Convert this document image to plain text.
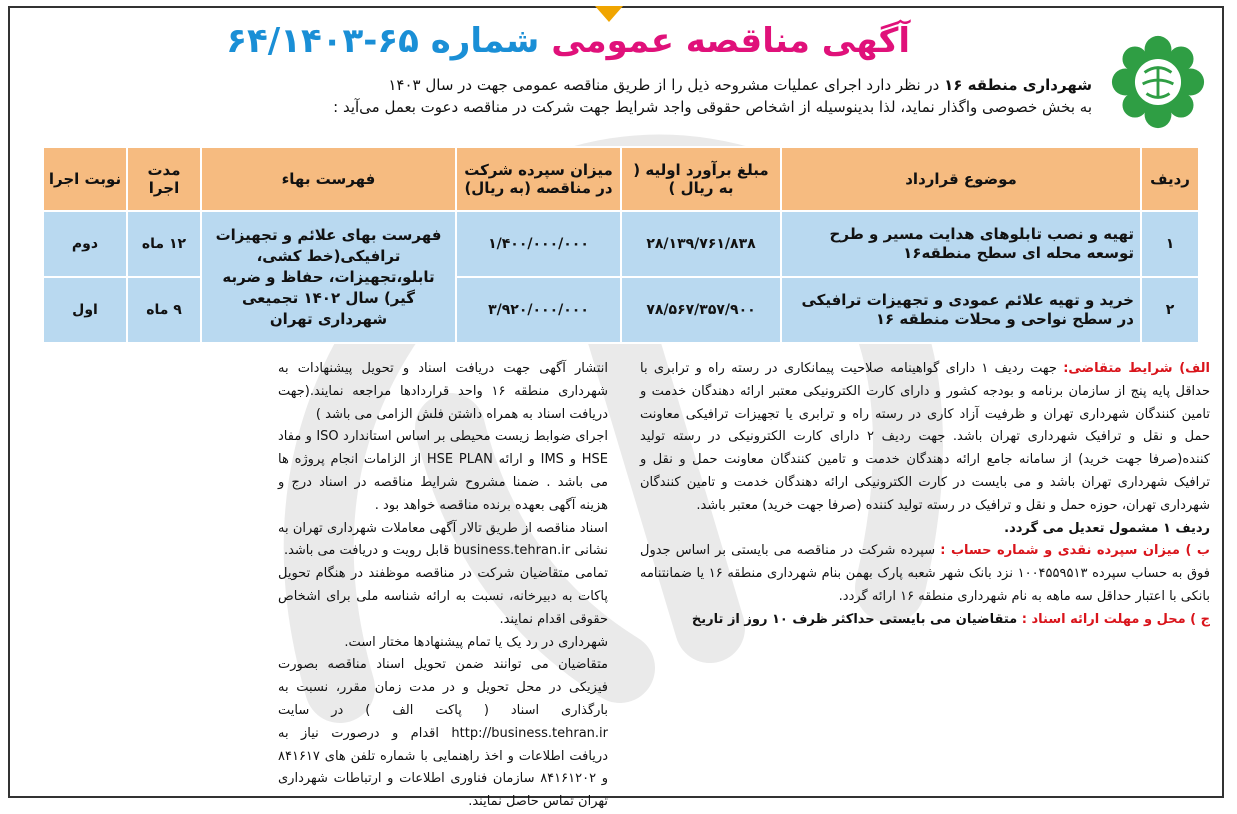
آگهی مناقصه عمومی شماره ۶۵-۶۴/۱۴۰۳

شهرداری منطقه ۱۶ در نظر دارد اجرای عملیات مشروحه ذیل را از طریق مناقصه عمومی جهت در سال ۱۴۰۳

به بخش خصوصی واگذار نماید، لذا بدینوسیله از اشخاص حقوقی واجد شرایط جهت شرکت در مناقصه دعوت بعمل می‌آید :

ردیف	موضوع قرارداد	مبلغ برآورد اولیه ( به ریال )	میزان سپرده شرکت در مناقصه (به ریال)	فهرست بهاء	مدت اجرا	نوبت اجرا
۱	تهیه و نصب تابلوهای هدایت مسیر و طرح توسعه محله ای سطح منطقه۱۶	۲۸/۱۳۹/۷۶۱/۸۳۸	۱/۴۰۰/۰۰۰/۰۰۰	فهرست بهای علائم و تجهیزات ترافیکی(خط کشی، تابلو،تجهیزات، حفاظ و ضربه گیر) سال ۱۴۰۲ تجمیعی شهرداری تهران	۱۲ ماه	دوم
۲	خرید و تهیه علائم عمودی و تجهیزات ترافیکی در سطح نواحی و محلات منطقه ۱۶	۷۸/۵۶۷/۳۵۷/۹۰۰	۳/۹۲۰/۰۰۰/۰۰۰		۹ ماه	اول

الف) شرایط متقاضی: جهت ردیف ۱ دارای گواهینامه صلاحیت پیمانکاری در رسته راه و ترابری با حداقل پایه پنج از سازمان برنامه و بودجه کشور و دارای کارت الکترونیکی معتبر ارائه دهندگان خدمت و تامین کنندگان شهرداری تهران و ظرفیت آزاد کاری در رسته راه و ترابری یا تجهیزات ترافیکی معاونت حمل و نقل و ترافیک شهرداری تهران باشد. جهت ردیف ۲ دارای کارت الکترونیکی در رسته تولید کننده(صرفا جهت خرید) از سامانه جامع ارائه دهندگان خدمت و تامین کنندگان معاونت حمل و نقل و ترافیک شهرداری تهران باشد و می بایست در کارت الکترونیکی ارائه دهندگان خدمت و تامین کنندگان شهرداری تهران، حوزه حمل و نقل و ترافیک در رسته تولید کننده (صرفا جهت خرید) معتبر باشد.

ردیف ۱ مشمول تعدیل می گردد.

ب ) میزان سپرده نقدی و شماره حساب : سپرده شرکت در مناقصه می بایستی بر اساس جدول فوق به حساب سپرده ۱۰۰۴۵۵۹۵۱۳ نزد بانک شهر شعبه پارک بهمن بنام شهرداری منطقه ۱۶ یا ضمانتنامه بانکی با اعتبار حداقل سه ماهه به نام شهرداری منطقه ۱۶ ارائه گردد.

ج ) محل و مهلت ارائه اسناد : متقاضیان می بایستی حداکثر ظرف ۱۰ روز از تاریخ

انتشار آگهی جهت دریافت اسناد و تحویل پیشنهادات به شهرداری منطقه ۱۶ واحد قراردادها مراجعه نمایند.(جهت دریافت اسناد به همراه داشتن فلش الزامی می باشد )

اجرای ضوابط زیست محیطی بر اساس استاندارد ISO و مفاد HSE و IMS و ارائه HSE PLAN از الزامات انجام پروژه ها می باشد . ضمنا مشروح شرایط مناقصه در اسناد درج و هزینه آگهی بعهده برنده مناقصه خواهد بود .

اسناد مناقصه از طریق تالار آگهی معاملات شهرداری تهران به نشانی business.tehran.ir قابل رویت و دریافت می باشد.

تمامی متقاضیان شرکت در مناقصه موظفند در هنگام تحویل پاکات به دبیرخانه، نسبت به ارائه شناسه ملی برای اشخاص حقوقی اقدام نمایند.

شهرداری در رد یک یا تمام پیشنهادها مختار است.

متقاضیان می توانند ضمن تحویل اسناد مناقصه بصورت فیزیکی در محل تحویل و در مدت زمان مقرر، نسبت به بارگذاری اسناد ( پاکت الف ) در سایت http://business.tehran.ir اقدام و درصورت نیاز به دریافت اطلاعات و اخذ راهنمایی با شماره تلفن های ۸۴۱۶۱۷ و ۸۴۱۶۱۲۰۲ سازمان فناوری اطلاعات و ارتباطات شهرداری تهران تماس حاصل نمایند.
